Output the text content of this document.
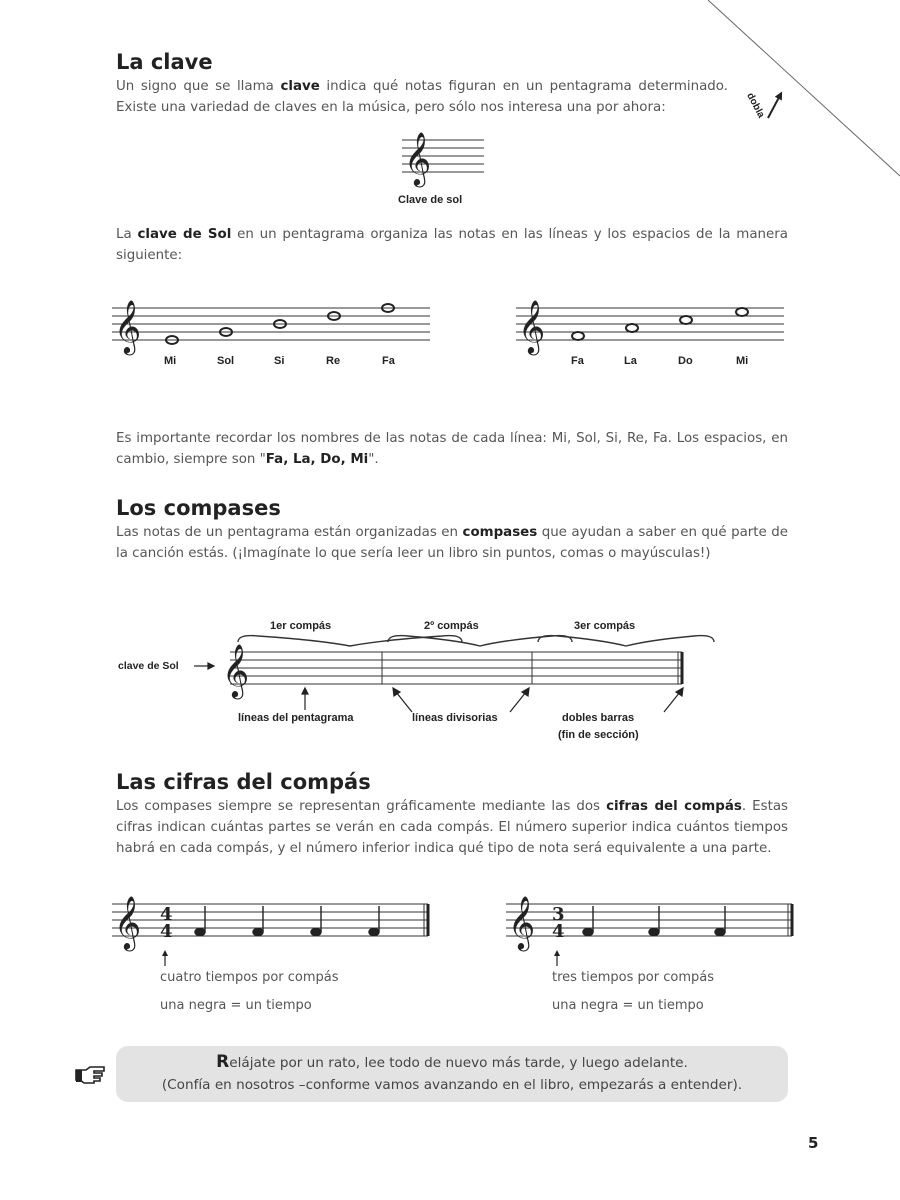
dobla
La clave
Un signo que se llama clave indica qué notas figuran en un pentagrama determinado. Existe una variedad de claves en la música, pero sólo nos interesa una por ahora:
𝄞
Clave de sol
La clave de Sol en un pentagrama organiza las notas en las líneas y los espacios de la manera siguiente:
𝄞
Mi	Sol	Si	Re	Fa
𝄞
Fa	La	Do	Mi
Es importante recordar los nombres de las notas de cada línea: Mi, Sol, Si, Re, Fa. Los espacios, en cambio, siempre son "Fa, La, Do, Mi".
Los compases
Las notas de un pentagrama están organizadas en compases que ayudan a saber en qué parte de la canción estás. (¡Imagínate lo que sería leer un libro sin puntos, comas o mayúsculas!)
1er compás	2º compás	3er compás
𝄞
clave de Sol
líneas del pentagrama	líneas divisorias	dobles barras
(fin de sección)
Las cifras del compás
Los compases siempre se representan gráficamente mediante las dos cifras del compás. Estas cifras indican cuántas partes se verán en cada compás. El número superior indica cuántos tiempos habrá en cada compás, y el número inferior indica qué tipo de nota será equivalente a una parte.
𝄞 4
4
cuatro tiempos por compás
una negra = un tiempo
𝄞 3
4
tres tiempos por compás
una negra = un tiempo
Relájate por un rato, lee todo de nuevo más tarde, y luego adelante.
(Confía en nosotros –conforme vamos avanzando en el libro, empezarás a entender).
5
